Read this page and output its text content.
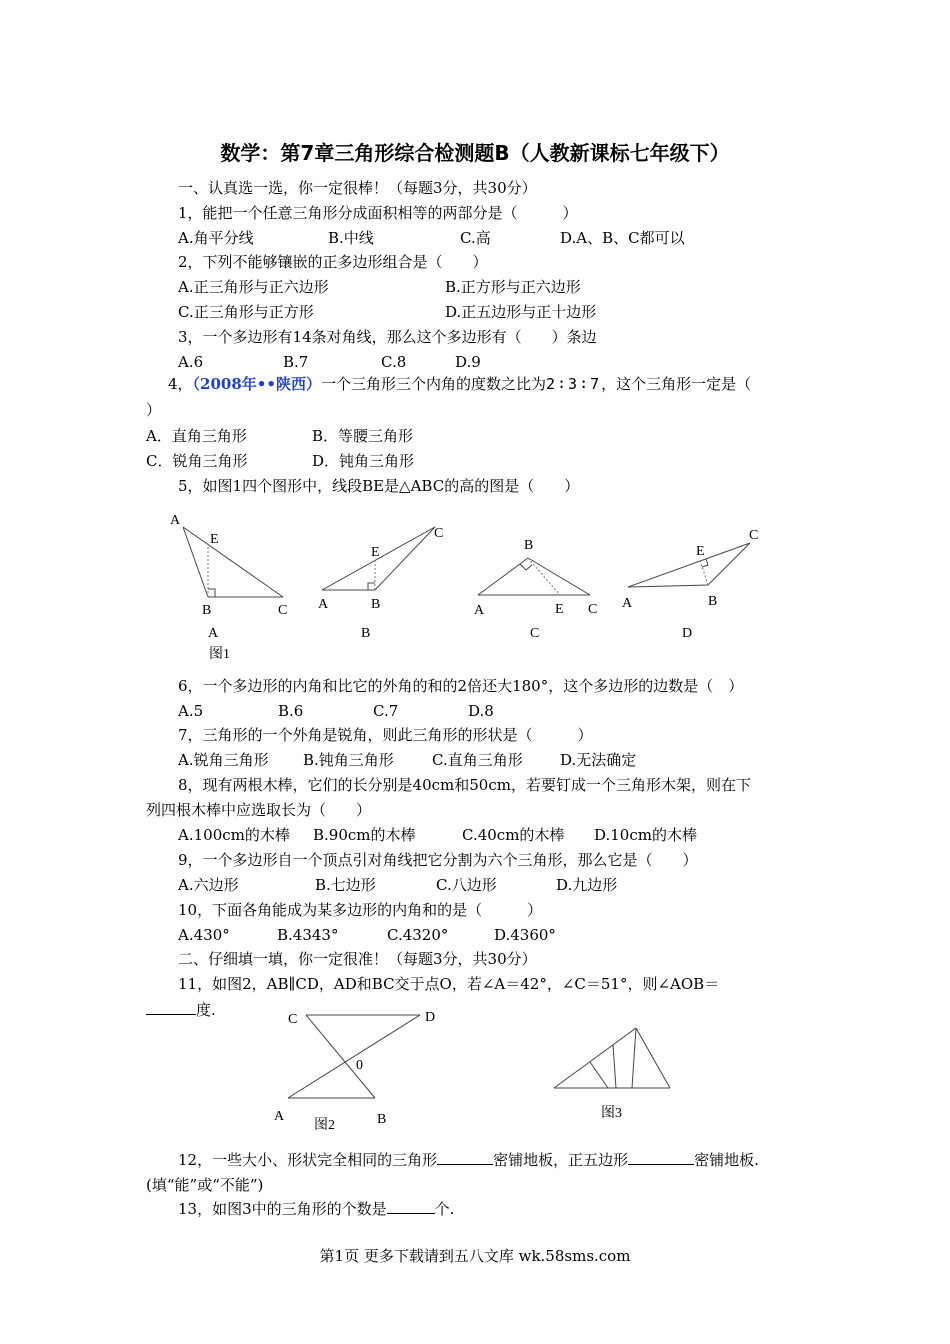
数学：第7章三角形综合检测题B（人教新课标七年级下）
一、认真选一选，你一定很棒！（每题3分，共30分）
1，能把一个任意三角形分成面积相等的两部分是（　　　）
A.角平分线	B.中线	C.高	D.A、B、C都可以
2，下列不能够镶嵌的正多边形组合是（　　）
A.正三角形与正六边形	B.正方形与正六边形
C.正三角形与正方形	D.正五边形与正十边形
3，一个多边形有14条对角线，那么这个多边形有（　　）条边
A.6	B.7	C.8	D.9
4，（2008年••陕西）一个三角形三个内角的度数之比为2∶3∶7，这个三角形一定是（
）
A．直角三角形	B．等腰三角形
C．锐角三角形	D．钝角三角形
5，如图1四个图形中，线段BE是△ABC的高的图是（　　）
A
E
B	C A
E
B
C
B
A	E C A
E
B
C
A	B	C	D
图1
6，一个多边形的内角和比它的外角的和的2倍还大180°，这个多边形的边数是（　）
A.5	B.6	C.7	D.8
7，三角形的一个外角是锐角，则此三角形的形状是（　　　）
A.锐角三角形 B.钝角三角形	C.直角三角形 D.无法确定
8，现有两根木棒，它们的长分别是40cm和50cm，若要钉成一个三角形木架，则在下
列四根木棒中应选取长为（　　）
A.100cm的木棒 B.90cm的木棒	C.40cm的木棒 D.10cm的木棒
9，一个多边形自一个顶点引对角线把它分割为六个三角形，那么它是（　　）
A.六边形	B.七边形	C.八边形	D.九边形
10，下面各角能成为某多边形的内角和的是（　　　）
A.430°	B.4343°	C.4320°	D.4360°
二、仔细填一填，你一定很准！（每题3分，共30分）
11，如图2，AB∥CD，AD和BC交于点O，若∠A＝42°，∠C＝51°，则∠AOB＝
度.
C	D
0
A	B
图2
图3
12，一些大小、形状完全相同的三角形	密铺地板，正五边形	密铺地板.
(填“能”或“不能”)
13，如图3中的三角形的个数是	个.
第1页 更多下载请到五八文库 wk.58sms.com
